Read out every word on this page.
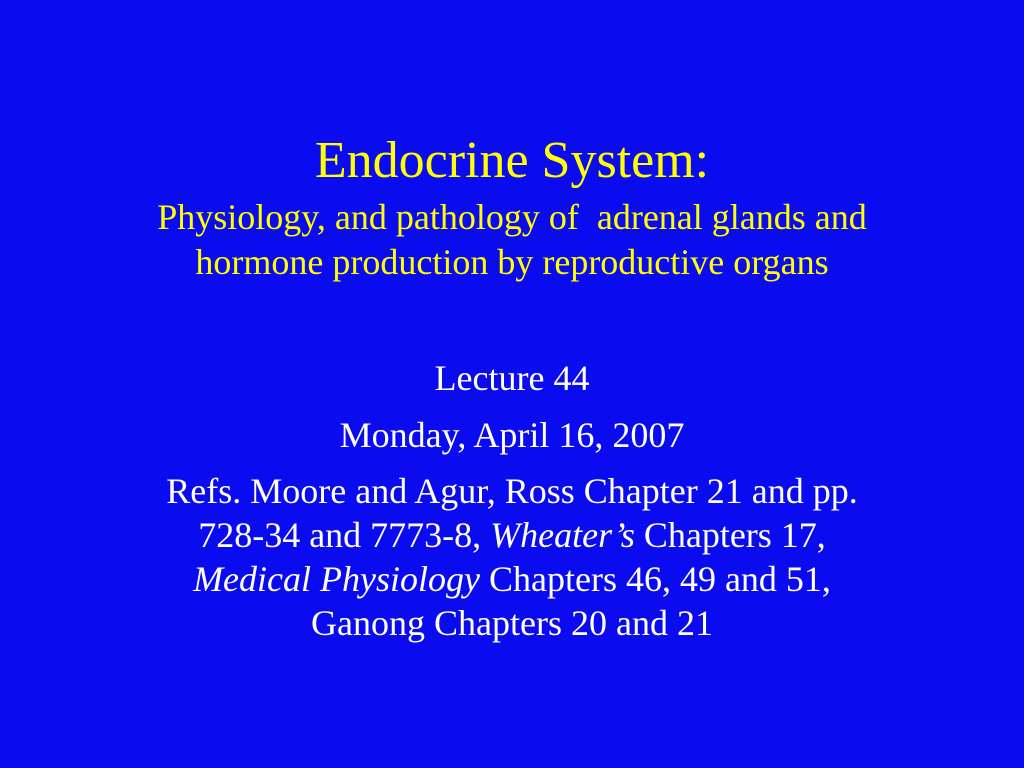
Endocrine System:

Physiology, and pathology of  adrenal glands and
hormone production by reproductive organs

Lecture 44

Monday, April 16, 2007

Refs. Moore and Agur, Ross Chapter 21 and pp.
728-34 and 7773-8, Wheater’s Chapters 17,
Medical Physiology Chapters 46, 49 and 51,
Ganong Chapters 20 and 21
